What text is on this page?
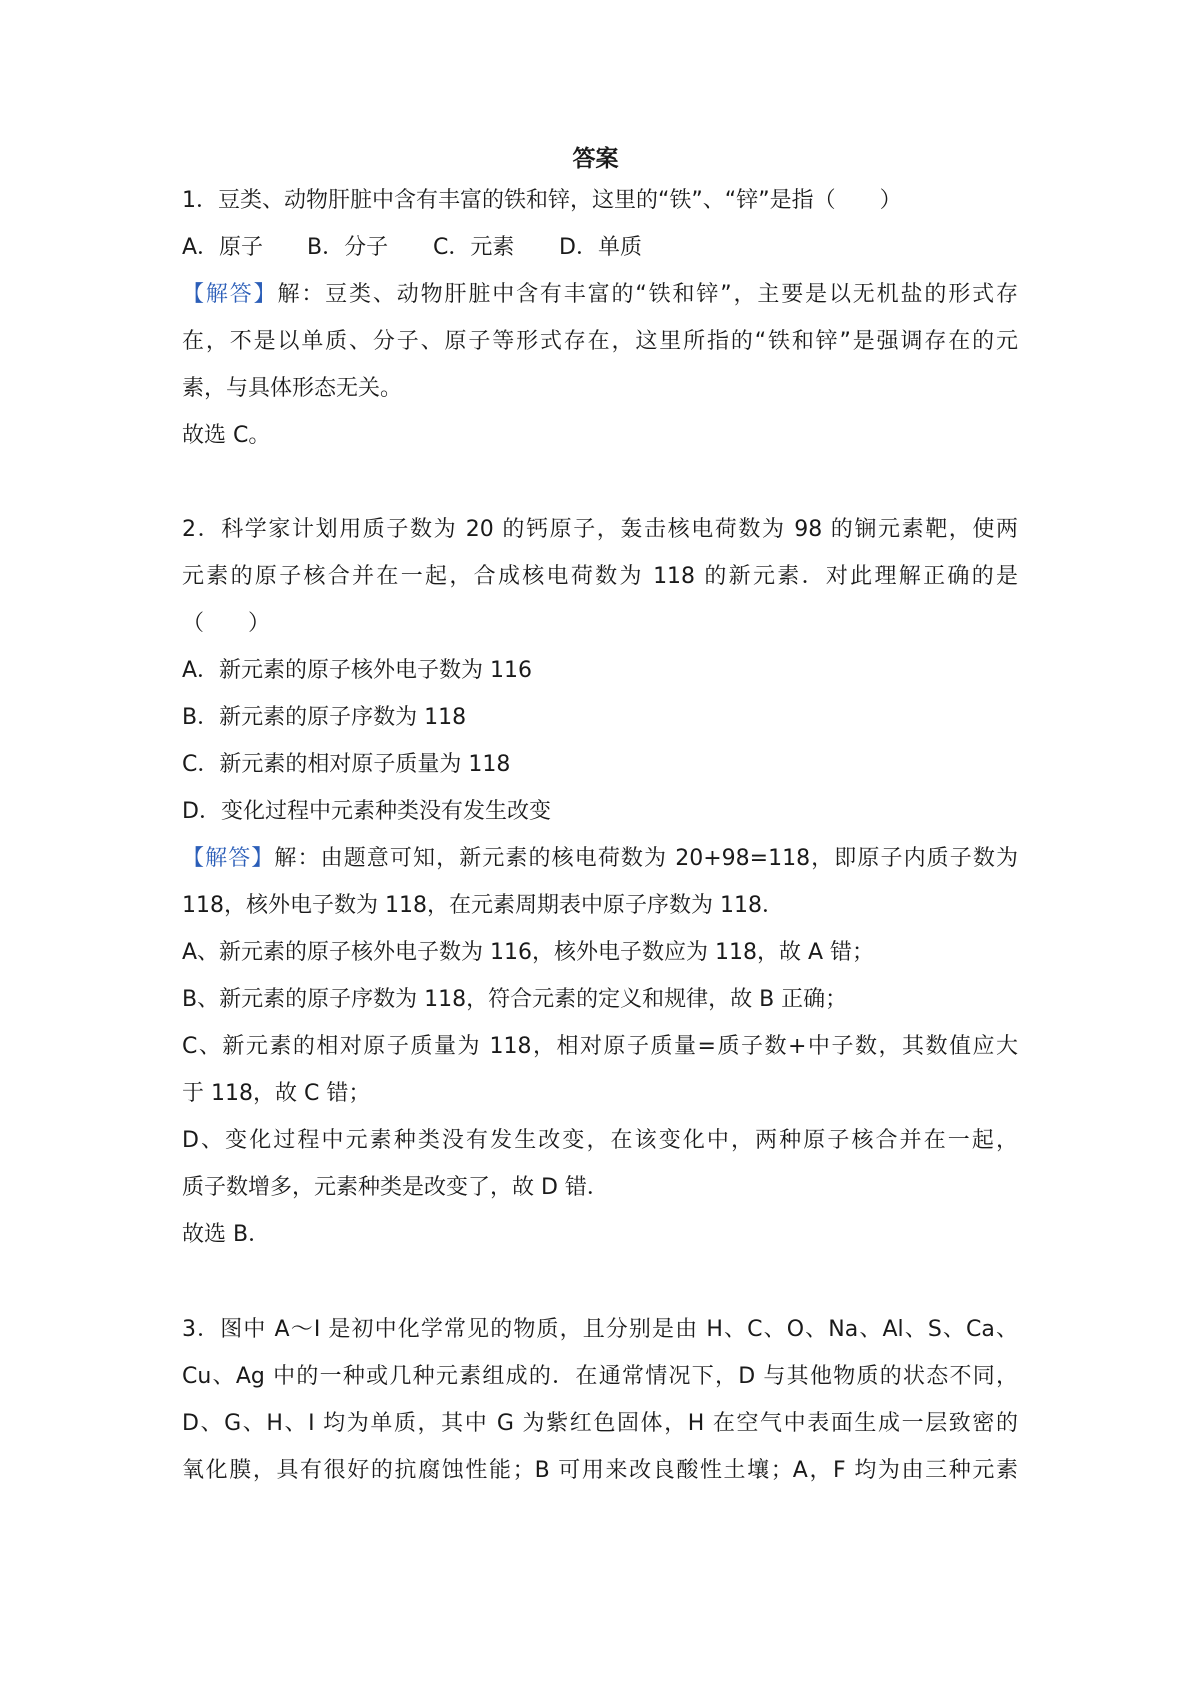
答案

1．豆类、动物肝脏中含有丰富的铁和锌，这里的“铁”、“锌”是指（　　）

A．原子 B．分子 C．元素 D．单质

【解答】解：豆类、动物肝脏中含有丰富的“铁和锌”，主要是以无机盐的形式存

在，不是以单质、分子、原子等形式存在，这里所指的“铁和锌”是强调存在的元

素，与具体形态无关。

故选 C。

2．科学家计划用质子数为 20 的钙原子，轰击核电荷数为 98 的锎元素靶，使两

元素的原子核合并在一起，合成核电荷数为 118 的新元素．对此理解正确的是

（　　）

A．新元素的原子核外电子数为 116

B．新元素的原子序数为 118

C．新元素的相对原子质量为 118

D．变化过程中元素种类没有发生改变

【解答】解：由题意可知，新元素的核电荷数为 20+98=118，即原子内质子数为

118，核外电子数为 118，在元素周期表中原子序数为 118．

A、新元素的原子核外电子数为 116，核外电子数应为 118，故 A 错；

B、新元素的原子序数为 118，符合元素的定义和规律，故 B 正确；

C、新元素的相对原子质量为 118，相对原子质量=质子数+中子数，其数值应大

于 118，故 C 错；

D、变化过程中元素种类没有发生改变，在该变化中，两种原子核合并在一起，

质子数增多，元素种类是改变了，故 D 错．

故选 B．

3．图中 A～I 是初中化学常见的物质，且分别是由 H、C、O、Na、Al、S、Ca、

Cu、Ag 中的一种或几种元素组成的．在通常情况下，D 与其他物质的状态不同，

D、G、H、I 均为单质，其中 G 为紫红色固体，H 在空气中表面生成一层致密的

氧化膜，具有很好的抗腐蚀性能；B 可用来改良酸性土壤；A，F 均为由三种元素
